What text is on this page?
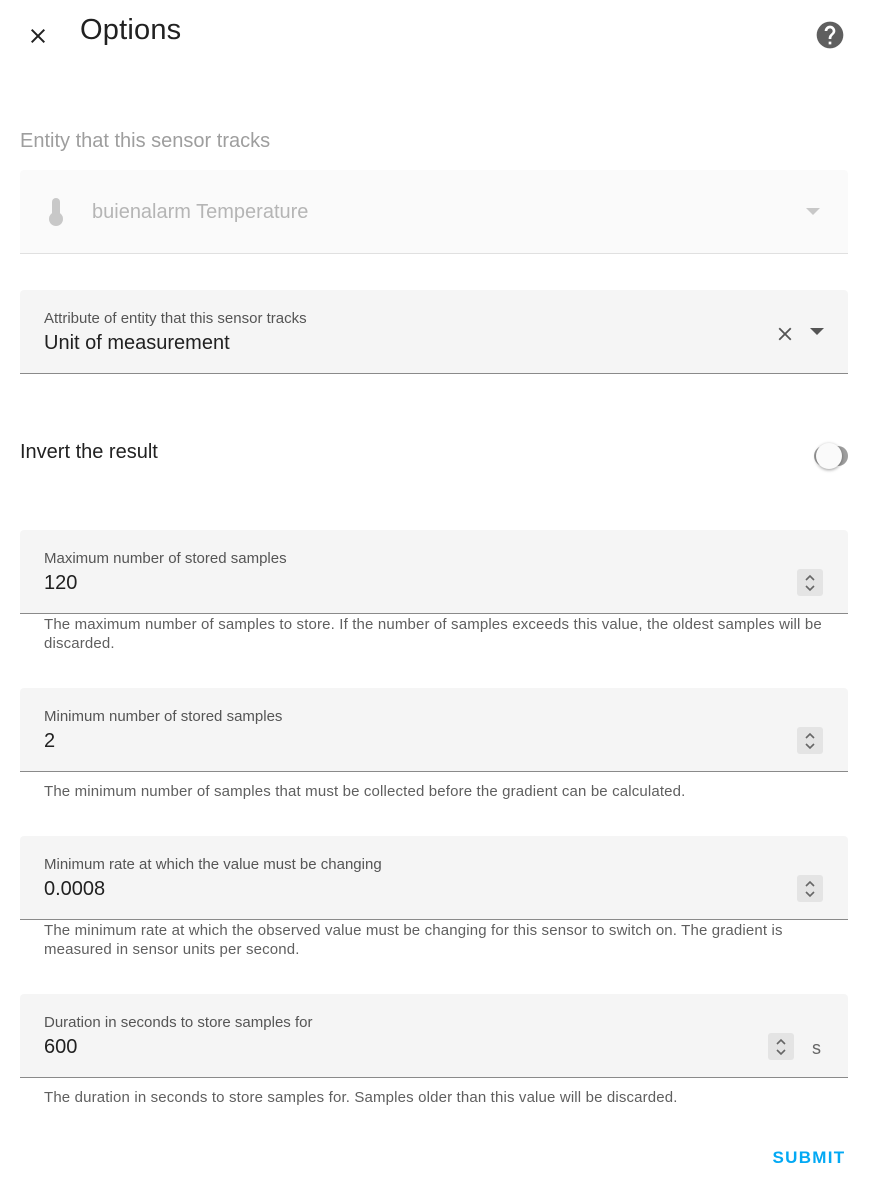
Options
Entity that this sensor tracks
buienalarm Temperature
Attribute of entity that this sensor tracks
Unit of measurement
Invert the result
Maximum number of stored samples
120
The maximum number of samples to store. If the number of samples exceeds this value, the oldest samples will be discarded.
Minimum number of stored samples
2
The minimum number of samples that must be collected before the gradient can be calculated.
Minimum rate at which the value must be changing
0.0008
The minimum rate at which the observed value must be changing for this sensor to switch on. The gradient is measured in sensor units per second.
Duration in seconds to store samples for
600	s
The duration in seconds to store samples for. Samples older than this value will be discarded.
SUBMIT
